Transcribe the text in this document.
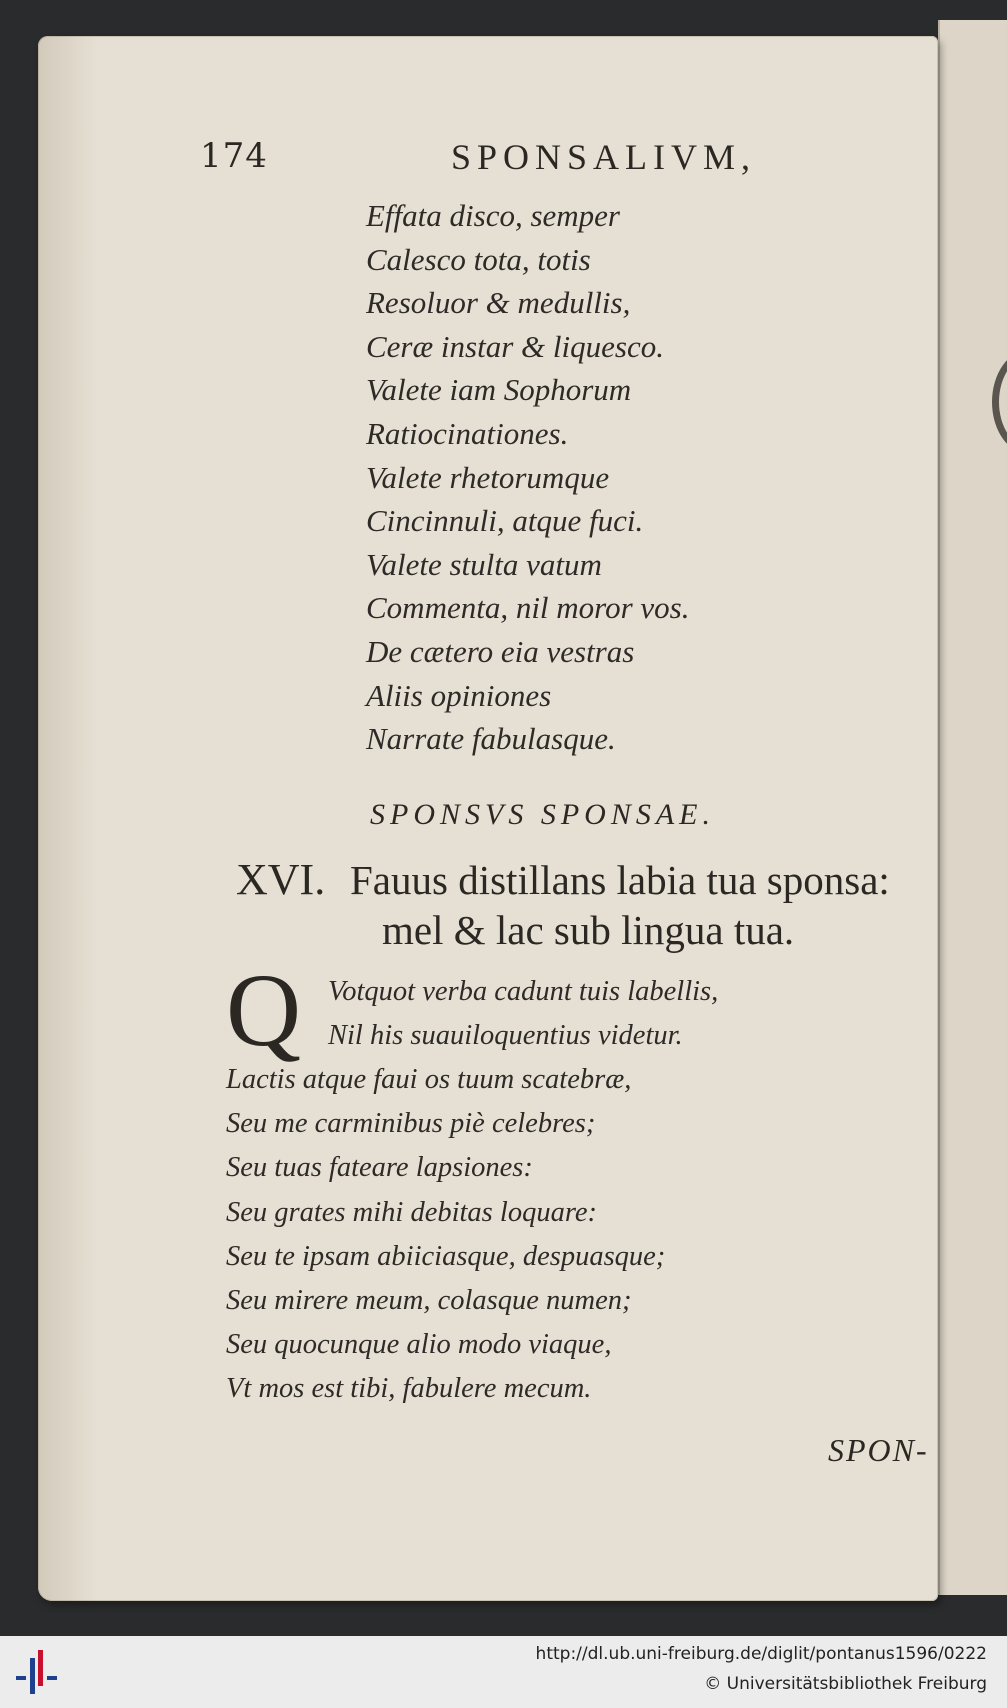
174	SPONSALIVM,
Effata disco, semper
Calesco tota, totis
Resoluor & medullis,
Ceræ instar & liquesco.
Valete iam Sophorum
Ratiocinationes.
Valete rhetorumque
Cincinnuli, atque fuci.
Valete stulta vatum
Commenta, nil moror vos.
De cætero eia vestras
Aliis opiniones
Narrate fabulasque.
SPONSVS SPONSAE.
XVI. Fauus distillans labia tua sponsa:
mel & lac sub lingua tua.
Q Votquot verba cadunt tuis labellis,
Nil his suauiloquentius videtur.
Lactis atque faui os tuum scatebræ,
Seu me carminibus piè celebres;
Seu tuas fateare lapsiones:
Seu grates mihi debitas loquare:
Seu te ipsam abiiciasque, despuasque;
Seu mirere meum, colasque numen;
Seu quocunque alio modo viaque,
Vt mos est tibi, fabulere mecum.
SPON-
http://dl.ub.uni-freiburg.de/diglit/pontanus1596/0222
© Universitätsbibliothek Freiburg
